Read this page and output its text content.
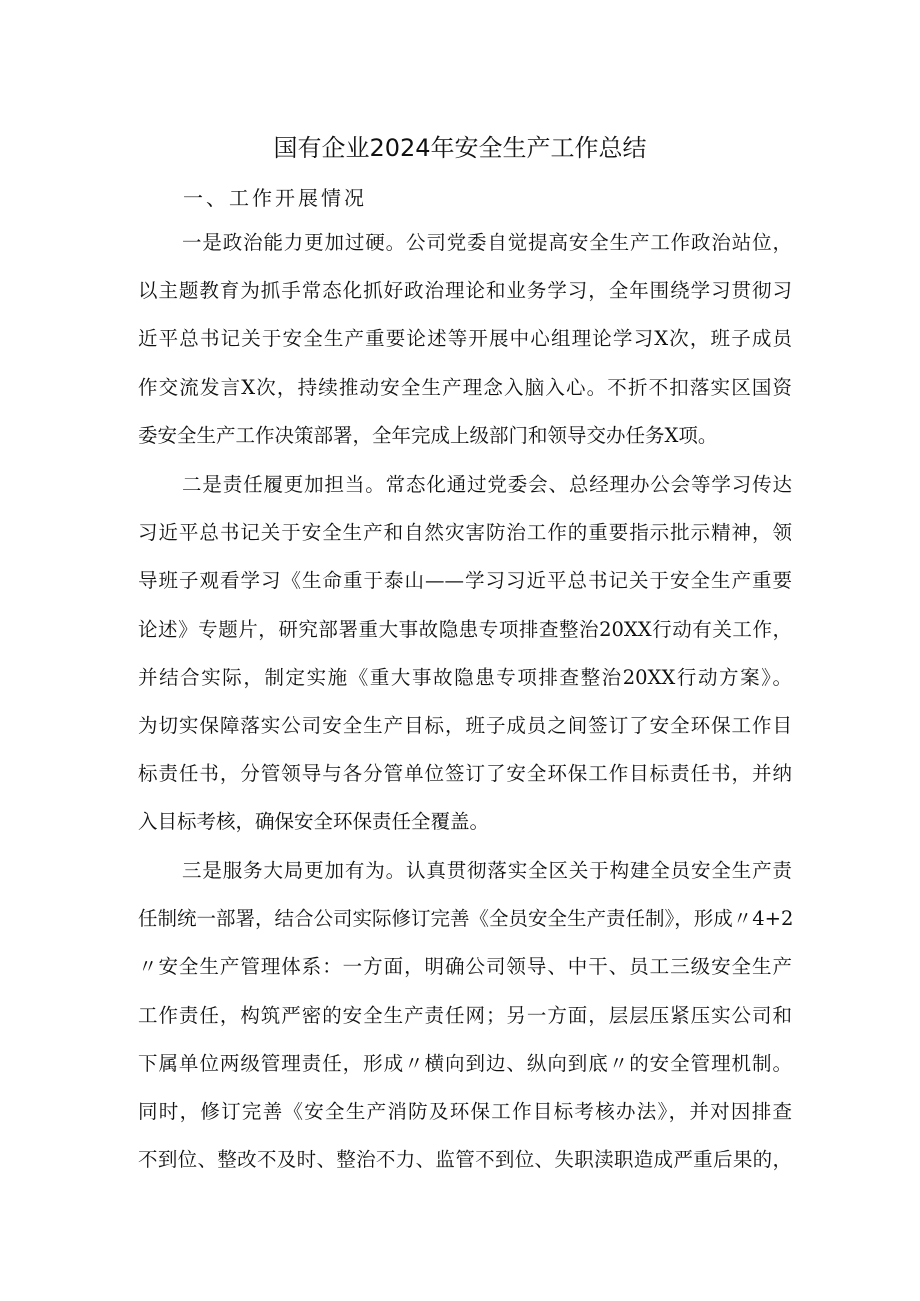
国有企业2024年安全生产工作总结
一、工作开展情况
一是政治能力更加过硬。公司党委自觉提高安全生产工作政治站位，
以主题教育为抓手常态化抓好政治理论和业务学习，全年围绕学习贯彻习
近平总书记关于安全生产重要论述等开展中心组理论学习X次，班子成员
作交流发言X次，持续推动安全生产理念入脑入心。不折不扣落实区国资
委安全生产工作决策部署，全年完成上级部门和领导交办任务X项。
二是责任履更加担当。常态化通过党委会、总经理办公会等学习传达
习近平总书记关于安全生产和自然灾害防治工作的重要指示批示精神，领
导班子观看学习《生命重于泰山——学习习近平总书记关于安全生产重要
论述》专题片，研究部署重大事故隐患专项排查整治20XX行动有关工作，
并结合实际，制定实施《重大事故隐患专项排查整治20XX行动方案》。
为切实保障落实公司安全生产目标，班子成员之间签订了安全环保工作目
标责任书，分管领导与各分管单位签订了安全环保工作目标责任书，并纳
入目标考核，确保安全环保责任全覆盖。
三是服务大局更加有为。认真贯彻落实全区关于构建全员安全生产责
任制统一部署，结合公司实际修订完善《全员安全生产责任制》，形成〃4+2
〃安全生产管理体系：一方面，明确公司领导、中干、员工三级安全生产
工作责任，构筑严密的安全生产责任网；另一方面，层层压紧压实公司和
下属单位两级管理责任，形成〃横向到边、纵向到底〃的安全管理机制。
同时，修订完善《安全生产消防及环保工作目标考核办法》，并对因排查
不到位、整改不及时、整治不力、监管不到位、失职渎职造成严重后果的，
